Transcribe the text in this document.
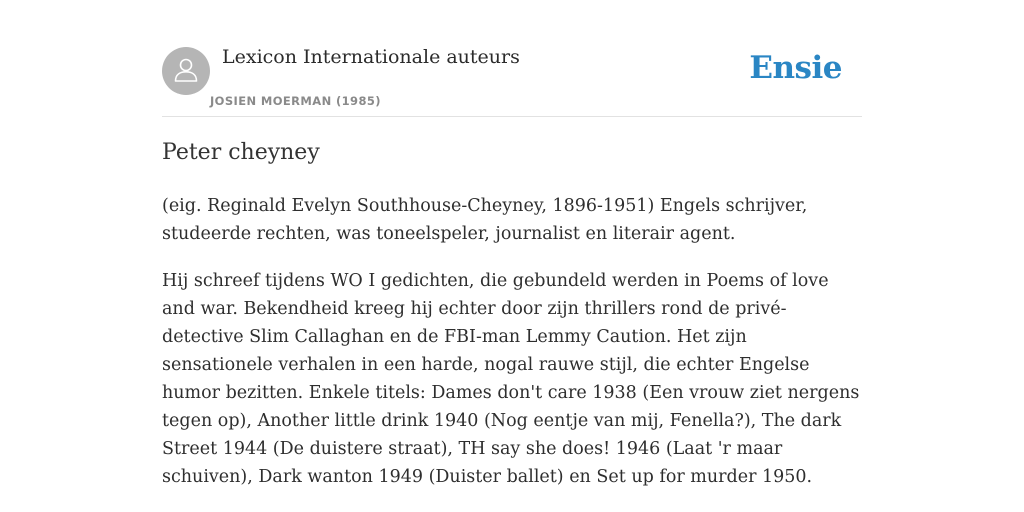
Lexicon Internationale auteurs
JOSIEN MOERMAN (1985)
Ensie
Peter cheyney

(eig. Reginald Evelyn Southhouse-Cheyney, 1896-1951) Engels schrijver, studeerde rechten, was toneelspeler, journalist en literair agent.

Hij schreef tijdens WO I gedichten, die gebundeld werden in Poems of love and war. Bekendheid kreeg hij echter door zijn thrillers rond de privé-detective Slim Callaghan en de FBI-man Lemmy Caution. Het zijn sensationele verhalen in een harde, nogal rauwe stijl, die echter Engelse humor bezitten. Enkele titels: Dames don't care 1938 (Een vrouw ziet nergens tegen op), Another little drink 1940 (Nog eentje van mij, Fenella?), The dark Street 1944 (De duistere straat), TH say she does! 1946 (Laat 'r maar schuiven), Dark wanton 1949 (Duister ballet) en Set up for murder 1950.
